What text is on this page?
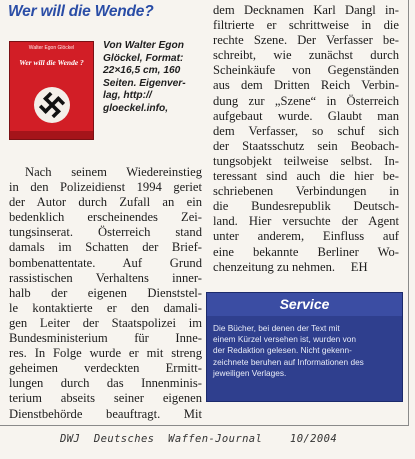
Wer will die Wende?
Walter Egon Glöckel
Wer will die Wende ?
Von Walter Egon
Glöckel, Format:
22×16,5 cm, 160
Seiten. Eigenver-
lag, http://
gloeckel.info,
Nach seinem Wiedereinstieg
in den Polizeidienst 1994 geriet
der Autor durch Zufall an ein
bedenklich erscheinendes Zei-
tungsinserat. Österreich stand
damals im Schatten der Brief-
bombenattentate. Auf Grund
rassistischen Verhaltens inner-
halb der eigenen Dienststel-
le kontaktierte er den damali-
gen Leiter der Staatspolizei im
Bundesministerium für Inne-
res. In Folge wurde er mit streng
geheimen verdeckten Ermitt-
lungen durch das Innenminis-
terium abseits seiner eigenen
Dienstbehörde beauftragt. Mit
dem Decknamen Karl Dangl in-
filtrierte er schrittweise in die
rechte Szene. Der Verfasser be-
schreibt, wie zunächst durch
Scheinkäufe von Gegenständen
aus dem Dritten Reich Verbin-
dung zur „Szene“ in Österreich
aufgebaut wurde. Glaubt man
dem Verfasser, so schuf sich
der Staatsschutz sein Beobach-
tungsobjekt teilweise selbst. In-
teressant sind auch die hier be-
schriebenen Verbindungen in
die Bundesrepublik Deutsch-
land. Hier versuchte der Agent
unter anderem, Einfluss auf
eine bekannte Berliner Wo-
chenzeitung zu nehmen.     EH
Service
Die Bücher, bei denen der Text mit
einem Kürzel versehen ist, wurden von
der Redaktion gelesen. Nicht gekenn-
zeichnete beruhen auf Informationen des
jeweiligen Verlages.
DWJ Deutsches Waffen-Journal	10/2004
